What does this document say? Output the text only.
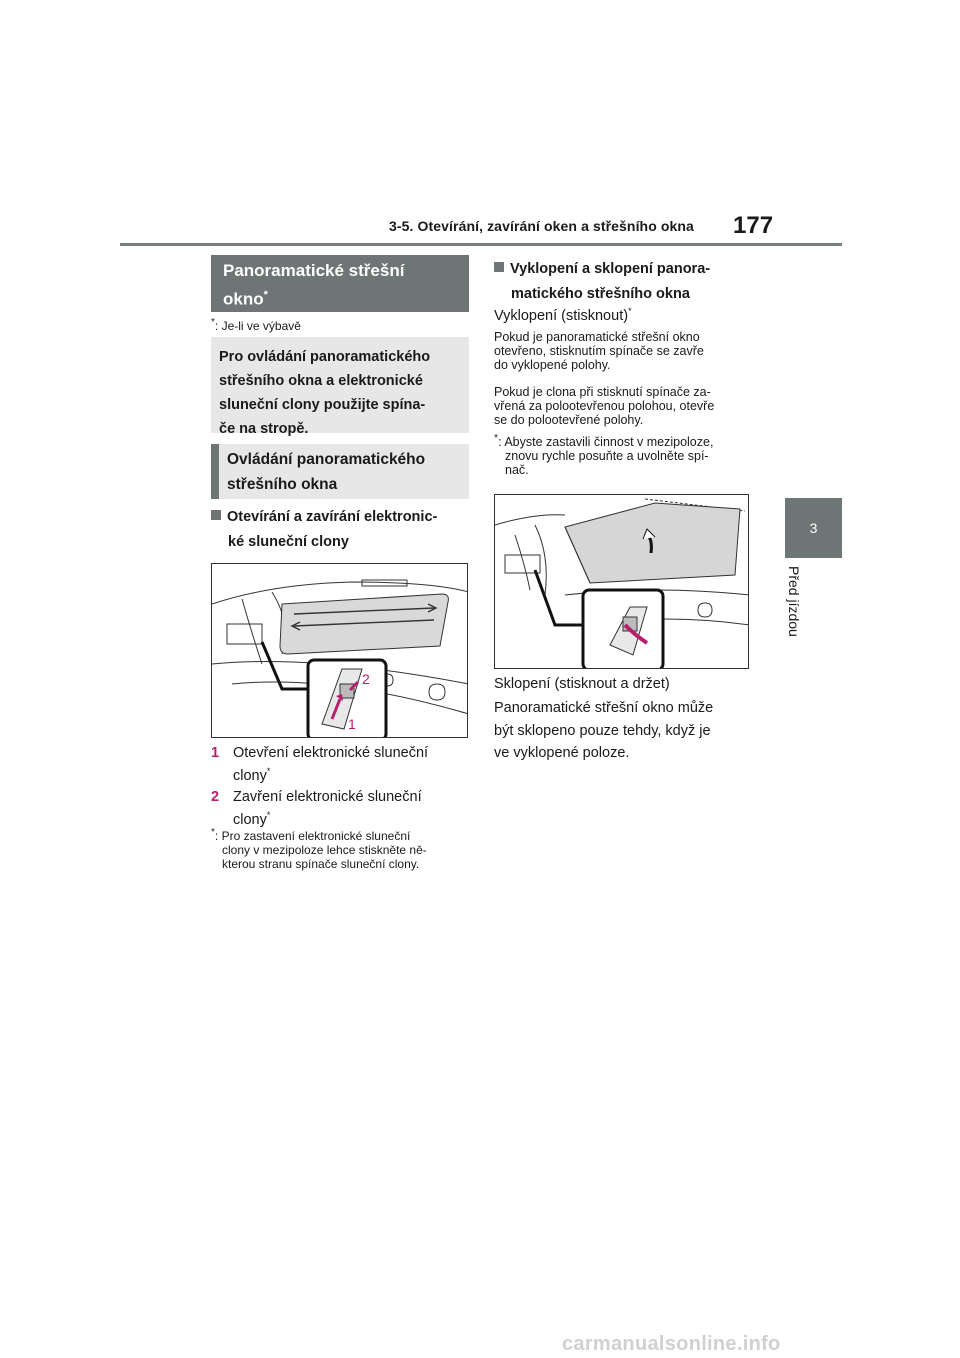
3-5. Otevírání, zavírání oken a střešního okna 177
3
Před jízdou
Panoramatické střešní
okno*
*: Je-li ve výbavě
Pro ovládání panoramatického
střešního okna a elektronické
sluneční clony použijte spína-
če na stropě.
Ovládání panoramatického
střešního okna
Otevírání a zavírání elektronic-
ké sluneční clony
1
2
1 Otevření elektronické sluneční
clony*
2 Zavření elektronické sluneční
clony*
*: Pro zastavení elektronické sluneční
clony v mezipoloze lehce stiskněte ně-
kterou stranu spínače sluneční clony.
Vyklopení a sklopení panora-
matického střešního okna
Vyklopení (stisknout)*
Pokud je panoramatické střešní okno
otevřeno, stisknutím spínače se zavře
do vyklopené polohy.
Pokud je clona při stisknutí spínače za-
vřená za polootevřenou polohou, otevře
se do polootevřené polohy.
*: Abyste zastavili činnost v mezipoloze,
znovu rychle posuňte a uvolněte spí-
nač.
Sklopení (stisknout a držet)
Panoramatické střešní okno může
být sklopeno pouze tehdy, když je
ve vyklopené poloze.
carmanualsonline.info
